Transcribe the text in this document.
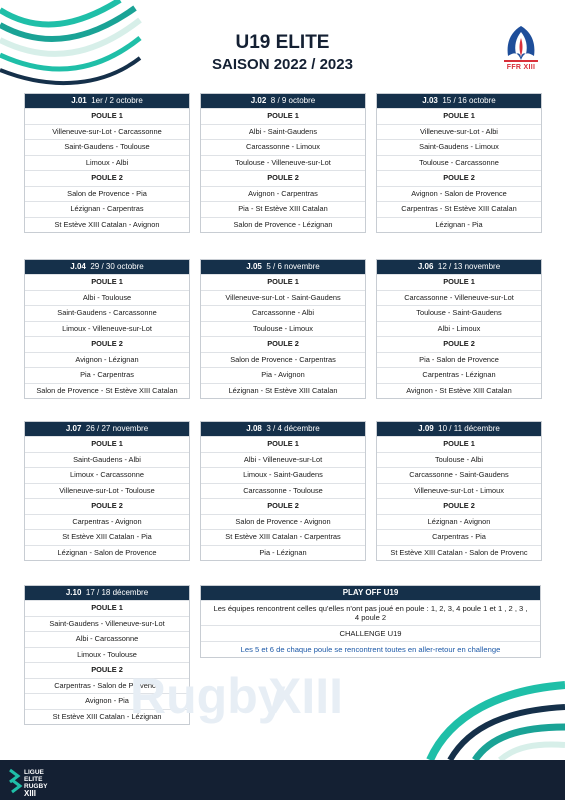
FFR XIII
U19 ELITE
SAISON 2022 / 2023
J.01 1er / 2 octobre
POULE 1
Villeneuve-sur-Lot - Carcassonne
Saint-Gaudens - Toulouse
Limoux - Albi
POULE 2
Salon de Provence - Pia
Lézignan - Carpentras
St Estève XIII Catalan - Avignon
J.02 8 / 9 octobre
POULE 1
Albi - Saint-Gaudens
Carcassonne - Limoux
Toulouse - Villeneuve-sur-Lot
POULE 2
Avignon - Carpentras
Pia - St Estève XIII Catalan
Salon de Provence - Lézignan
J.03 15 / 16 octobre
POULE 1
Villeneuve-sur-Lot - Albi
Saint-Gaudens - Limoux
Toulouse - Carcassonne
POULE 2
Avignon - Salon de Provence
Carpentras - St Estève XIII Catalan
Lézignan - Pia
J.04 29 / 30 octobre
POULE 1
Albi - Toulouse
Saint-Gaudens - Carcassonne
Limoux - Villeneuve-sur-Lot
POULE 2
Avignon - Lézignan
Pia - Carpentras
Salon de Provence - St Estève XIII Catalan
J.05 5 / 6 novembre
POULE 1
Villeneuve-sur-Lot - Saint-Gaudens
Carcassonne - Albi
Toulouse - Limoux
POULE 2
Salon de Provence - Carpentras
Pia - Avignon
Lézignan - St Estève XIII Catalan
J.06 12 / 13 novembre
POULE 1
Carcassonne - Villeneuve-sur-Lot
Toulouse - Saint-Gaudens
Albi - Limoux
POULE 2
Pia - Salon de Provence
Carpentras - Lézignan
Avignon - St Estève XIII Catalan
J.07 26 / 27 novembre
POULE 1
Saint-Gaudens - Albi
Limoux - Carcassonne
Villeneuve-sur-Lot - Toulouse
POULE 2
Carpentras - Avignon
St Estève XIII Catalan - Pia
Lézignan - Salon de Provence
J.08 3 / 4 décembre
POULE 1
Albi - Villeneuve-sur-Lot
Limoux - Saint-Gaudens
Carcassonne - Toulouse
POULE 2
Salon de Provence - Avignon
St Estève XIII Catalan - Carpentras
Pia - Lézignan
J.09 10 / 11 décembre
POULE 1
Toulouse - Albi
Carcassonne - Saint-Gaudens
Villeneuve-sur-Lot - Limoux
POULE 2
Lézignan - Avignon
Carpentras - Pia
St Estève XIII Catalan - Salon de Provenc
J.10 17 / 18 décembre
POULE 1
Saint-Gaudens - Villeneuve-sur-Lot
Albi - Carcassonne
Limoux - Toulouse
POULE 2
Carpentras - Salon de Provence
Avignon - Pia
St Estève XIII Catalan - Lézignan
Rugby
XIII
PLAY OFF U19
Les équipes rencontrent celles qu'elles n'ont pas joué en poule : 1, 2, 3, 4 poule 1 et 1 , 2 , 3 , 4 poule 2
CHALLENGE U19
Les 5 et 6 de chaque poule se rencontrent toutes en aller-retour en challenge
LIGUE
ELITE
RUGBY
XIII
